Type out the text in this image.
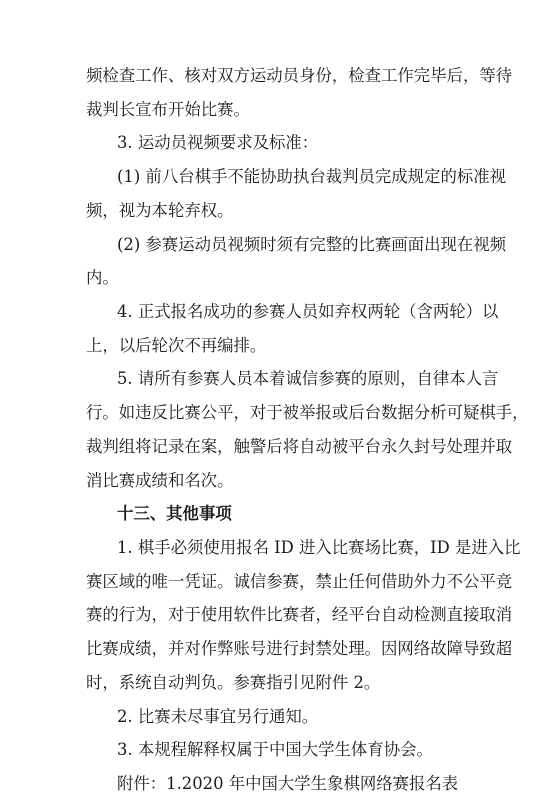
频检查工作、核对双方运动员身份，检查工作完毕后，等待
裁判长宣布开始比赛。
3. 运动员视频要求及标准：
(1) 前八台棋手不能协助执台裁判员完成规定的标准视
频，视为本轮弃权。
(2) 参赛运动员视频时须有完整的比赛画面出现在视频
内。
4. 正式报名成功的参赛人员如弃权两轮（含两轮）以
上，以后轮次不再编排。
5. 请所有参赛人员本着诚信参赛的原则，自律本人言
行。如违反比赛公平，对于被举报或后台数据分析可疑棋手，
裁判组将记录在案，触警后将自动被平台永久封号处理并取
消比赛成绩和名次。
十三、其他事项
1. 棋手必须使用报名 ID 进入比赛场比赛，ID 是进入比
赛区域的唯一凭证。诚信参赛，禁止任何借助外力不公平竞
赛的行为，对于使用软件比赛者，经平台自动检测直接取消
比赛成绩，并对作弊账号进行封禁处理。因网络故障导致超
时，系统自动判负。参赛指引见附件 2。
2. 比赛未尽事宜另行通知。
3. 本规程解释权属于中国大学生体育协会。
附件：1.2020 年中国大学生象棋网络赛报名表
